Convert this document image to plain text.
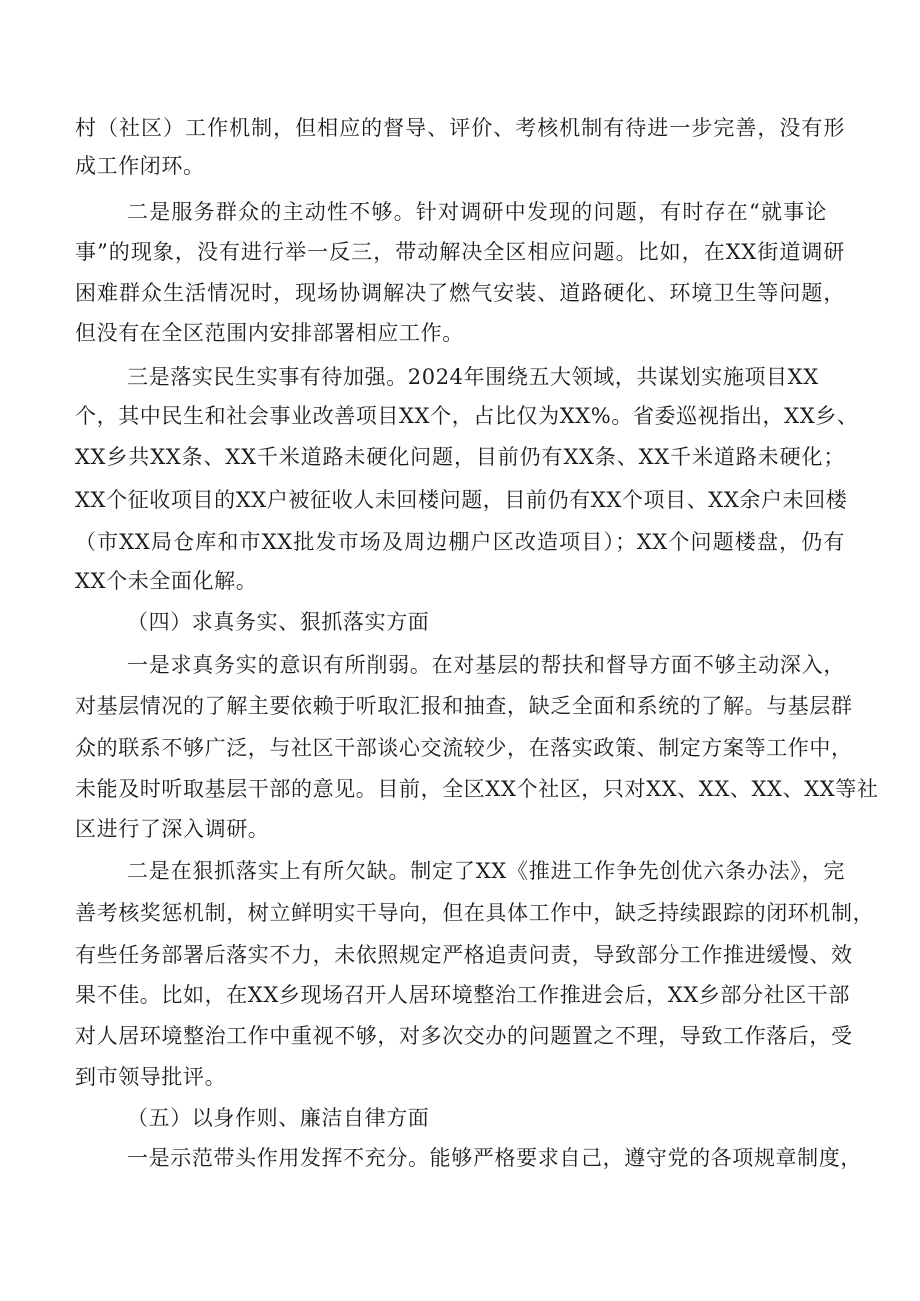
村（社区）工作机制，但相应的督导、评价、考核机制有待进一步完善，没有形

成工作闭环。

二是服务群众的主动性不够。针对调研中发现的问题，有时存在“就事论

事”的现象，没有进行举一反三，带动解决全区相应问题。比如，在XX街道调研

困难群众生活情况时，现场协调解决了燃气安装、道路硬化、环境卫生等问题，

但没有在全区范围内安排部署相应工作。

三是落实民生实事有待加强。2024年围绕五大领域，共谋划实施项目XX

个，其中民生和社会事业改善项目XX个，占比仅为XX%。省委巡视指出，XX乡、

XX乡共XX条、XX千米道路未硬化问题，目前仍有XX条、XX千米道路未硬化；

XX个征收项目的XX户被征收人未回楼问题，目前仍有XX个项目、XX余户未回楼

（市XX局仓库和市XX批发市场及周边棚户区改造项目）；XX个问题楼盘，仍有

XX个未全面化解。

（四）求真务实、狠抓落实方面

一是求真务实的意识有所削弱。在对基层的帮扶和督导方面不够主动深入，

对基层情况的了解主要依赖于听取汇报和抽查，缺乏全面和系统的了解。与基层群

众的联系不够广泛，与社区干部谈心交流较少，在落实政策、制定方案等工作中，

未能及时听取基层干部的意见。目前，全区XX个社区，只对XX、XX、XX、XX等社

区进行了深入调研。

二是在狠抓落实上有所欠缺。制定了XX《推进工作争先创优六条办法》，完

善考核奖惩机制，树立鲜明实干导向，但在具体工作中，缺乏持续跟踪的闭环机制，

有些任务部署后落实不力，未依照规定严格追责问责，导致部分工作推进缓慢、效

果不佳。比如，在XX乡现场召开人居环境整治工作推进会后，XX乡部分社区干部

对人居环境整治工作中重视不够，对多次交办的问题置之不理，导致工作落后，受

到市领导批评。

（五）以身作则、廉洁自律方面

一是示范带头作用发挥不充分。能够严格要求自己，遵守党的各项规章制度，
